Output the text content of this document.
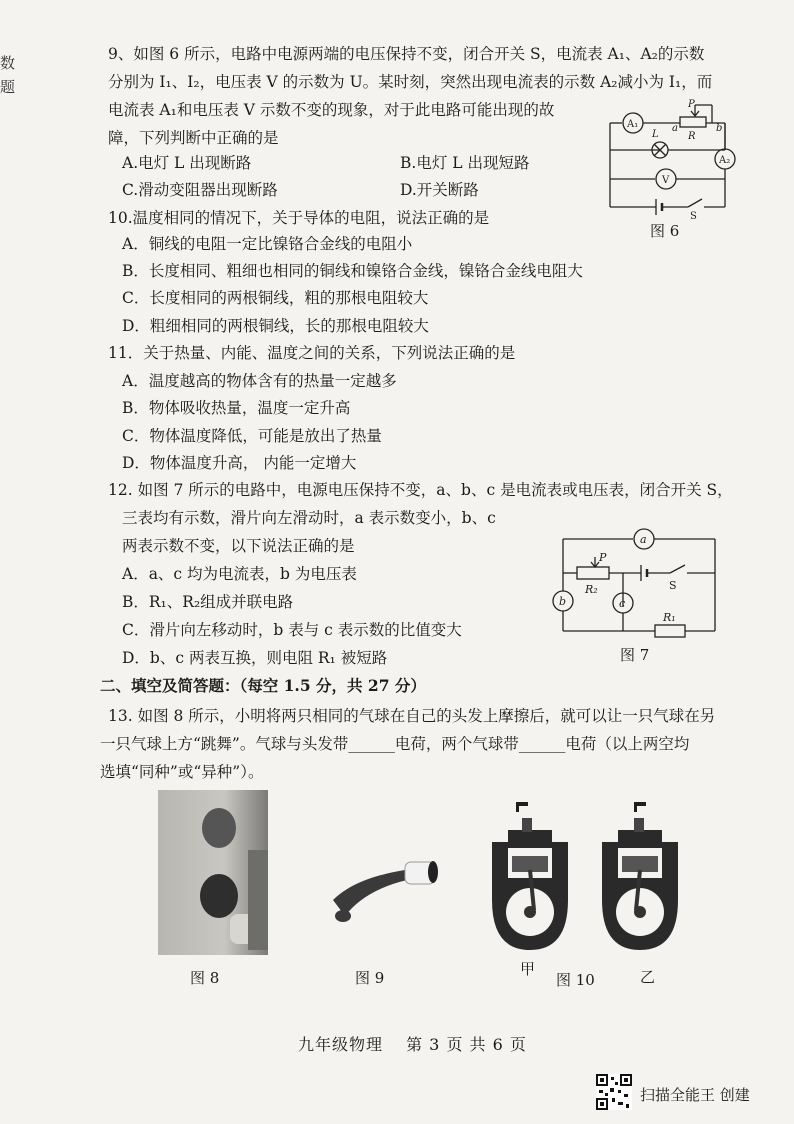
数
题
9、如图 6 所示，电路中电源两端的电压保持不变，闭合开关 S，电流表 A₁、A₂的示数
分别为 I₁、I₂，电压表 V 的示数为 U。某时刻，突然出现电流表的示数 A₂减小为 I₁，而
电流表 A₁和电压表 V 示数不变的现象，对于此电路可能出现的故
障，下列判断中正确的是
A.电灯 L 出现断路	B.电灯 L 出现短路
C.滑动变阻器出现断路	D.开关断路
A₁
A₂
V
L
a	b
P
R
S
图 6
10.温度相同的情况下，关于导体的电阻，说法正确的是
A．铜线的电阻一定比镍铬合金线的电阻小
B．长度相同、粗细也相同的铜线和镍铬合金线，镍铬合金线电阻大
C．长度相同的两根铜线，粗的那根电阻较大
D．粗细相同的两根铜线，长的那根电阻较大
11．关于热量、内能、温度之间的关系，下列说法正确的是
A．温度越高的物体含有的热量一定越多
B．物体吸收热量，温度一定升高
C．物体温度降低，可能是放出了热量
D．物体温度升高， 内能一定增大
12. 如图 7 所示的电路中，电源电压保持不变，a、b、c 是电流表或电压表，闭合开关 S，
三表均有示数，滑片向左滑动时，a 表示数变小，b、c
两表示数不变，以下说法正确的是
A．a、c 均为电流表，b 为电压表
B．R₁、R₂组成并联电路
C．滑片向左移动时，b 表与 c 表示数的比值变大
D．b、c 两表互换，则电阻 R₁ 被短路
a
b	c
P
R₂
R₁
S
图 7
二、填空及简答题：（每空 1.5 分，共 27 分）
13. 如图 8 所示，小明将两只相同的气球在自己的头发上摩擦后，就可以让一只气球在另
一只气球上方“跳舞”。气球与头发带______电荷，两个气球带______电荷（以上两空均
选填“同种”或“异种”）。
图 8	图 9	甲
图 10	乙
九年级物理　 第 3 页 共 6 页
扫描全能王 创建
